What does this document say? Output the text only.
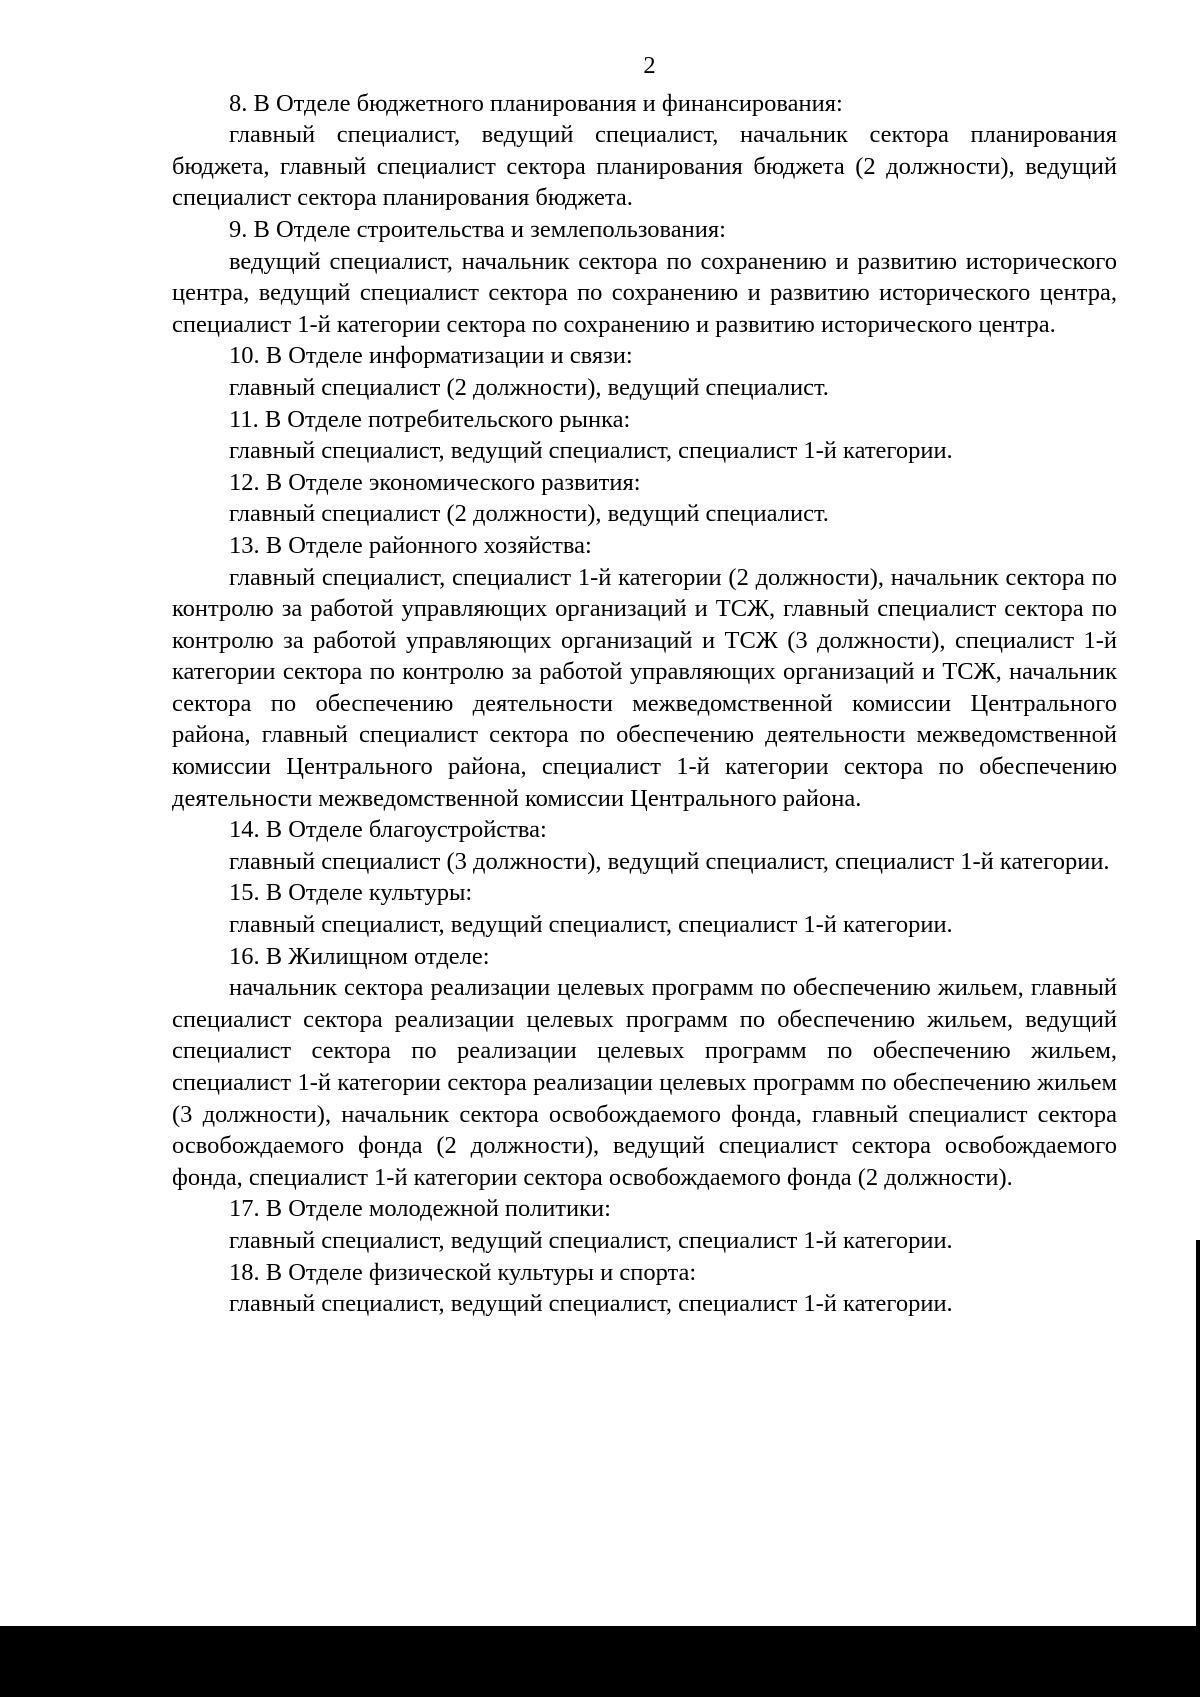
2

8. В Отделе бюджетного планирования и финансирования:

главный специалист, ведущий специалист, начальник сектора планирования бюджета, главный специалист сектора планирования бюджета (2 должности), ведущий специалист сектора планирования бюджета.

9. В Отделе строительства и землепользования:

ведущий специалист, начальник сектора по сохранению и развитию исторического центра, ведущий специалист сектора по сохранению и развитию исторического центра, специалист 1-й категории сектора по сохранению и развитию исторического центра.

10. В Отделе информатизации и связи:

главный специалист (2 должности), ведущий специалист.

11. В Отделе потребительского рынка:

главный специалист, ведущий специалист, специалист 1-й категории.

12. В Отделе экономического развития:

главный специалист (2 должности), ведущий специалист.

13. В Отделе районного хозяйства:

главный специалист, специалист 1-й категории (2 должности), начальник сектора по контролю за работой управляющих организаций и ТСЖ, главный специалист сектора по контролю за работой управляющих организаций и ТСЖ (3 должности), специалист 1-й категории сектора по контролю за работой управляющих организаций и ТСЖ, начальник сектора по обеспечению деятельности межведомственной комиссии Центрального района, главный специалист сектора по обеспечению деятельности межведомственной комиссии Центрального района, специалист 1-й категории сектора по обеспечению деятельности межведомственной комиссии Центрального района.

14. В Отделе благоустройства:

главный специалист (3 должности), ведущий специалист, специалист 1-й категории.

15. В Отделе культуры:

главный специалист, ведущий специалист, специалист 1-й категории.

16. В Жилищном отделе:

начальник сектора реализации целевых программ по обеспечению жильем, главный специалист сектора реализации целевых программ по обеспечению жильем, ведущий специалист сектора по реализации целевых программ по обеспечению жильем, специалист 1-й категории сектора реализации целевых программ по обеспечению жильем (3 должности), начальник сектора освобождаемого фонда, главный специалист сектора освобождаемого фонда (2 должности), ведущий специалист сектора освобождаемого фонда, специалист 1-й категории сектора освобождаемого фонда (2 должности).

17. В Отделе молодежной политики:

главный специалист, ведущий специалист, специалист 1-й категории.

18. В Отделе физической культуры и спорта:

главный специалист, ведущий специалист, специалист 1-й категории.
